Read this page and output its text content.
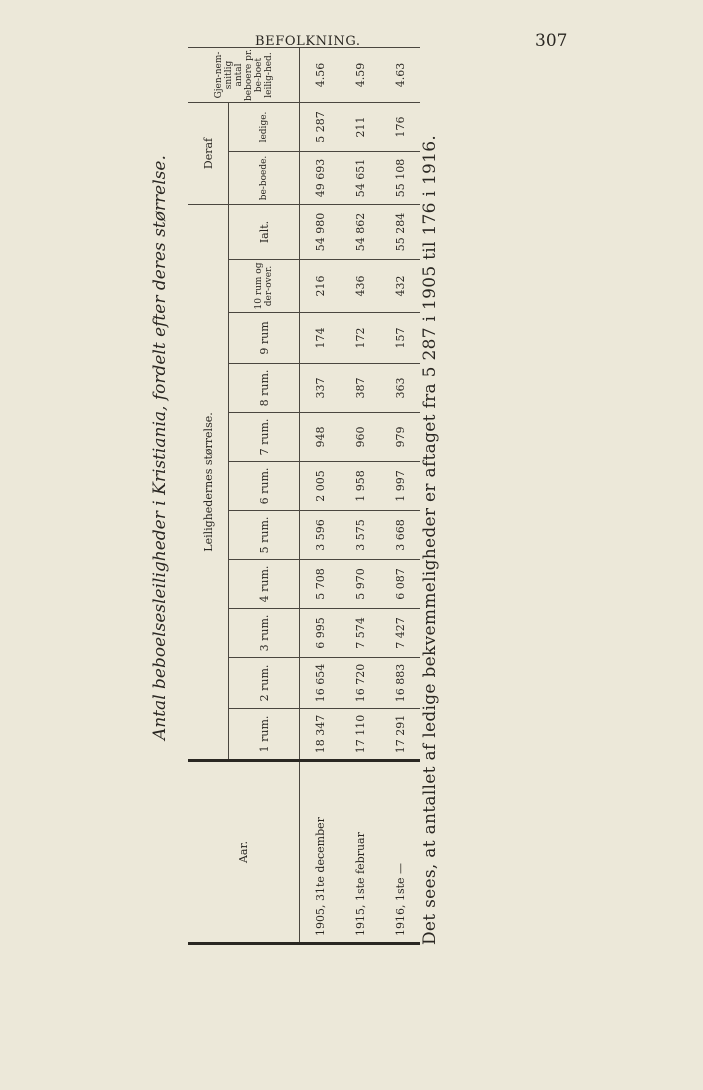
BEFOLKNING.	307
Antal beboelsesleiligheder i Kristiania, fordelt efter deres størrelse.
Aar.	Leilighedernes størrelse.											Deraf		Gjen-nem-snitlig antal beboere pr. be-boet leilig-hed.
	1 rum.	2 rum.	3 rum.	4 rum.	5 rum.	6 rum.	7 rum.	8 rum.	9 rum	10 rum og der-over.	Ialt.	be-boede.	ledige.	
1905, 31te december	18 347	16 654	6 995	5 708	3 596	2 005	948	337	174	216	54 980	49 693	5 287	4.56
1915, 1ste februar	17 110	16 720	7 574	5 970	3 575	1 958	960	387	172	436	54 862	54 651	211	4.59
1916, 1ste —	17 291	16 883	7 427	6 087	3 668	1 997	979	363	157	432	55 284	55 108	176	4.63
Det sees, at antallet af ledige bekvemmeligheder er aftaget fra 5 287 i 1905 til 176 i 1916.
